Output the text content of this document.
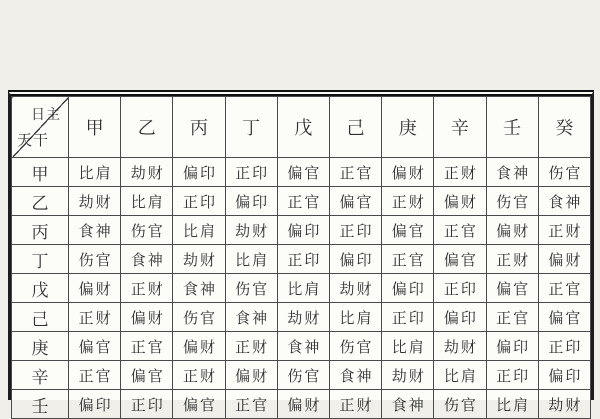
日主
天干	甲	乙	丙	丁	戊	己	庚	辛	壬	癸
甲	比肩	劫财	偏印	正印	偏官	正官	偏财	正财	食神	伤官
乙	劫财	比肩	正印	偏印	正官	偏官	正财	偏财	伤官	食神
丙	食神	伤官	比肩	劫财	偏印	正印	偏官	正官	偏财	正财
丁	伤官	食神	劫财	比肩	正印	偏印	正官	偏官	正财	偏财
戊	偏财	正财	食神	伤官	比肩	劫财	偏印	正印	偏官	正官
己	正财	偏财	伤官	食神	劫财	比肩	正印	偏印	正官	偏官
庚	偏官	正官	偏财	正财	食神	伤官	比肩	劫财	偏印	正印
辛	正官	偏官	正财	偏财	伤官	食神	劫财	比肩	正印	偏印
壬	偏印	正印	偏官	正官	偏财	正财	食神	伤官	比肩	劫财
